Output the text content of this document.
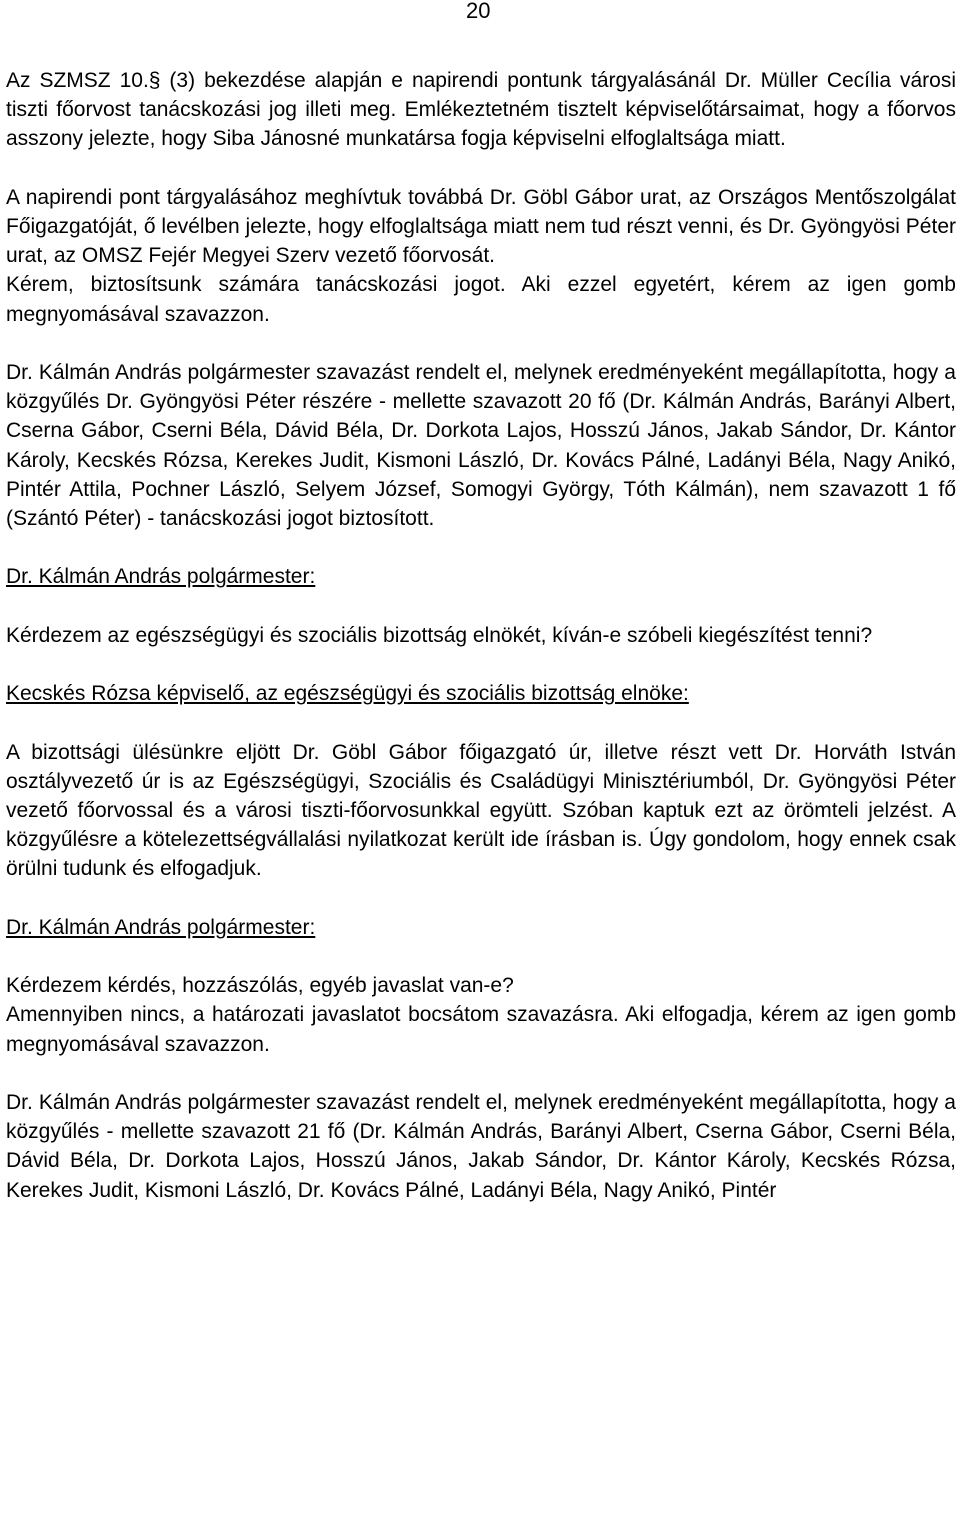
20

Az SZMSZ 10.§ (3) bekezdése alapján e napirendi pontunk tárgyalásánál Dr. Müller Cecília városi tiszti főorvost tanácskozási jog illeti meg. Emlékeztetném tisztelt képviselőtársaimat, hogy a főorvos asszony jelezte, hogy Siba Jánosné munkatársa fogja képviselni elfoglaltsága miatt.

A napirendi pont tárgyalásához meghívtuk továbbá Dr. Göbl Gábor urat, az Országos Mentőszolgálat Főigazgatóját, ő levélben jelezte, hogy elfoglaltsága miatt nem tud részt venni, és Dr. Gyöngyösi Péter urat, az OMSZ Fejér Megyei Szerv vezető főorvosát.

Kérem, biztosítsunk számára tanácskozási jogot. Aki ezzel egyetért, kérem az igen gomb megnyomásával szavazzon.

Dr. Kálmán András polgármester szavazást rendelt el, melynek eredményeként megállapította, hogy a közgyűlés Dr. Gyöngyösi Péter részére - mellette szavazott 20 fő (Dr. Kálmán András, Barányi Albert, Cserna Gábor, Cserni Béla, Dávid Béla, Dr. Dorkota Lajos, Hosszú János, Jakab Sándor, Dr. Kántor Károly, Kecskés Rózsa, Kerekes Judit, Kismoni László, Dr. Kovács Pálné, Ladányi Béla, Nagy Anikó, Pintér Attila, Pochner László, Selyem József, Somogyi György, Tóth Kálmán), nem szavazott 1 fő (Szántó Péter) - tanácskozási jogot biztosított.

Dr. Kálmán András polgármester:

Kérdezem az egészségügyi és szociális bizottság elnökét, kíván-e szóbeli kiegészítést tenni?

Kecskés Rózsa képviselő, az egészségügyi és szociális bizottság elnöke:

A bizottsági ülésünkre eljött Dr. Göbl Gábor főigazgató úr, illetve részt vett Dr. Horváth István osztályvezető úr is az Egészségügyi, Szociális és Családügyi Minisztériumból, Dr. Gyöngyösi Péter vezető főorvossal és a városi tiszti-főorvosunkkal együtt. Szóban kaptuk ezt az örömteli jelzést. A közgyűlésre a kötelezettségvállalási nyilatkozat került ide írásban is. Úgy gondolom, hogy ennek csak örülni tudunk és elfogadjuk.

Dr. Kálmán András polgármester:

Kérdezem kérdés, hozzászólás, egyéb javaslat van-e?

Amennyiben nincs, a határozati javaslatot bocsátom szavazásra. Aki elfogadja, kérem az igen gomb megnyomásával szavazzon.

Dr. Kálmán András polgármester szavazást rendelt el, melynek eredményeként megállapította, hogy a közgyűlés - mellette szavazott 21 fő (Dr. Kálmán András, Barányi Albert, Cserna Gábor, Cserni Béla, Dávid Béla, Dr. Dorkota Lajos, Hosszú János, Jakab Sándor, Dr. Kántor Károly, Kecskés Rózsa, Kerekes Judit, Kismoni László, Dr. Kovács Pálné, Ladányi Béla, Nagy Anikó, Pintér
